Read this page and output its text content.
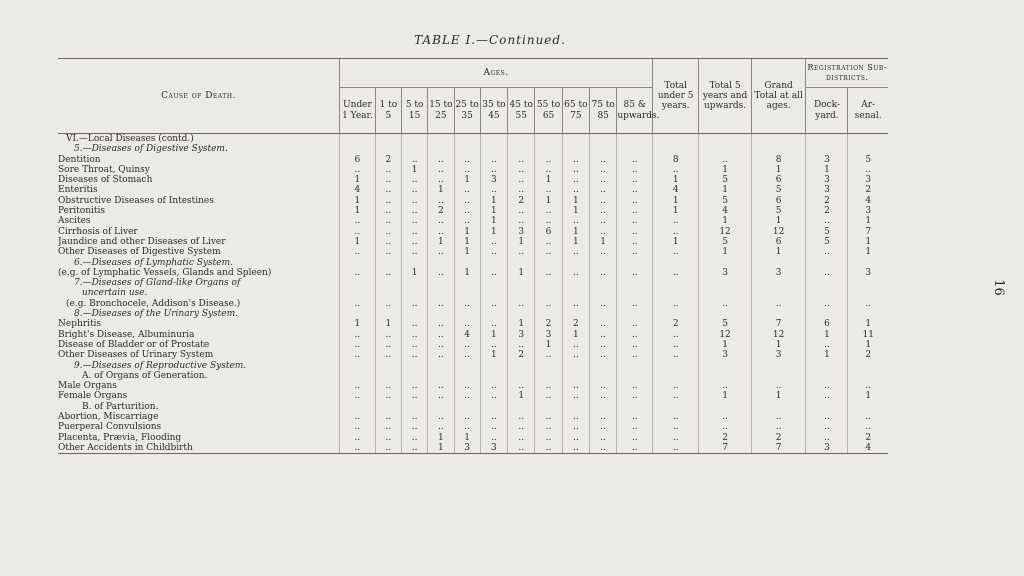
TABLE I.—Continued.
16
Cause of Death.	Ages.											Total under 5 years.	Total 5 years and upwards.	Grand Total at all ages.	Registration Sub-districts.	
	Under 1 Year.	1 to 5	5 to 15	15 to 25	25 to 35	35 to 45	45 to 55	55 to 65	65 to 75	75 to 85	85 & upwards.				Dock-yard.	Ar-senal.
VI.—Local Diseases (contd.)																
5.—Diseases of Digestive System.																
Dentition	6	2	..	..	..	..	..	..	..	..	..	8	..	8	3	5
Sore Throat, Quinsy	..	..	1	..	..	..	..	..	..	..	..	..	1	1	1	..
Diseases of Stomach	1	..	..	..	1	3	..	1	..	..	..	1	5	6	3	3
Enteritis	4	..	..	1	..	..	..	..	..	..	..	4	1	5	3	2
Obstructive Diseases of Intestines	1	..	..	..	..	1	2	1	1	..	..	1	5	6	2	4
Peritonitis	1	..	..	2	..	1	..	..	1	..	..	1	4	5	2	3
Ascites	..	..	..	..	..	1	..	..	..	..	..	..	1	1	..	1
Cirrhosis of Liver	..	..	..	..	1	1	3	6	1	..	..	..	12	12	5	7
Jaundice and other Diseases of Liver	1	..	..	1	1	..	1	..	1	1	..	1	5	6	5	1
Other Diseases of Digestive System	..	..	..	..	1	..	..	..	..	..	..	..	1	1	..	1
6.—Diseases of Lymphatic System.																
(e.g. of Lymphatic Vessels, Glands and Spleen)	..	..	1	..	1	..	1	..	..	..	..	..	3	3	..	3
7.—Diseases of Gland-like Organs of																
uncertain use.																
(e.g. Bronchocele, Addison's Disease.)	..	..	..	..	..	..	..	..	..	..	..	..	..	..	..	..
8.—Diseases of the Urinary System.																
Nephritis	1	1	..	..	..	..	1	2	2	..	..	2	5	7	6	1
Bright's Disease, Albuminuria	..	..	..	..	4	1	3	3	1	..	..	..	12	12	1	11
Disease of Bladder or of Prostate	..	..	..	..	..	..	..	1	..	..	..	..	1	1	..	1
Other Diseases of Urinary System	..	..	..	..	..	1	2	..	..	..	..	..	3	3	1	2
9.—Diseases of Reproductive System.																
A. of Organs of Generation.																
Male Organs	..	..	..	..	..	..	..	..	..	..	..	..	..	..	..	..
Female Organs	..	..	..	..	..	..	1	..	..	..	..	..	1	1	..	1
B. of Parturition.																
Abortion, Miscarriage	..	..	..	..	..	..	..	..	..	..	..	..	..	..	..	..
Puerperal Convulsions	..	..	..	..	..	..	..	..	..	..	..	..	..	..	..	..
Placenta, Prævia, Flooding	..	..	..	1	1	..	..	..	..	..	..	..	2	2	..	2
Other Accidents in Childbirth	..	..	..	1	3	3	..	..	..	..	..	..	7	7	3	4
